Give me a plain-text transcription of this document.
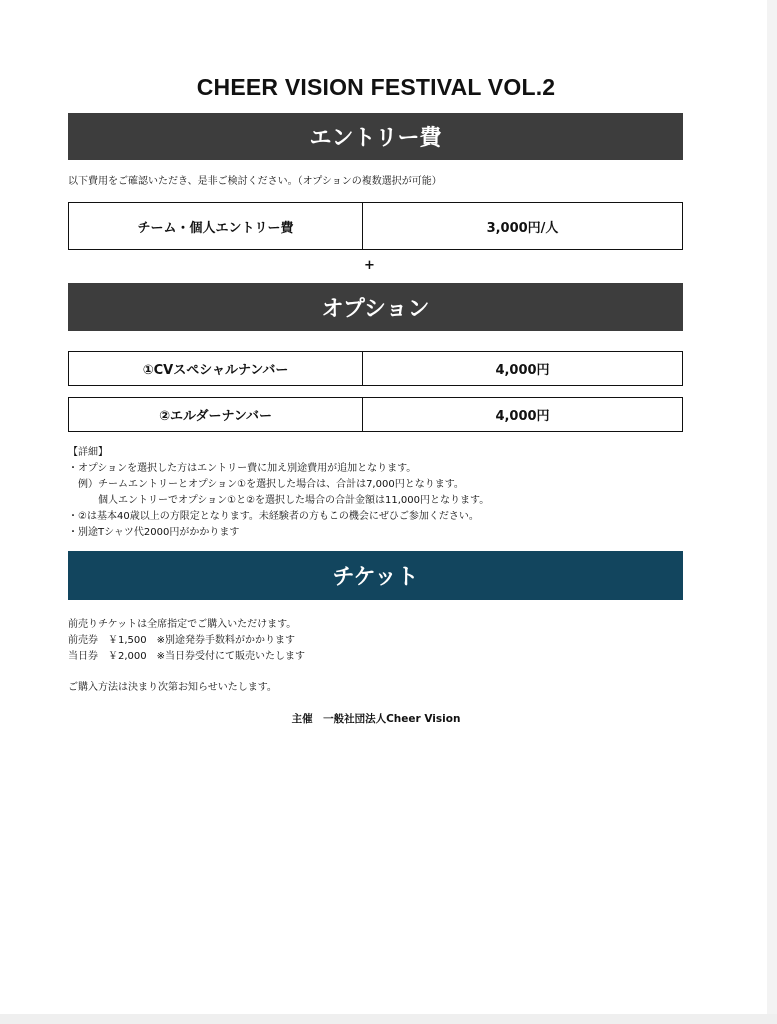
CHEER VISION FESTIVAL VOL.2
エントリー費
以下費用をご確認いただき、是非ご検討ください。（オプションの複数選択が可能）
チーム・個人エントリー費	3,000円/人
+
オプション
①CVスペシャルナンバー	4,000円
②エルダーナンバー	4,000円
【詳細】
・オプションを選択した方はエントリー費に加え別途費用が追加となります。
　例）チームエントリーとオプション①を選択した場合は、合計は7,000円となります。
　　　個人エントリーでオプション①と②を選択した場合の合計金額は11,000円となります。
・②は基本40歳以上の方限定となります。未経験者の方もこの機会にぜひご参加ください。
・別途Tシャツ代2000円がかかります
チケット
前売りチケットは全席指定でご購入いただけます。
前売券　￥1,500　※別途発券手数料がかかります
当日券　￥2,000　※当日券受付にて販売いたします
ご購入方法は決まり次第お知らせいたします。
主催　一般社団法人Cheer Vision
